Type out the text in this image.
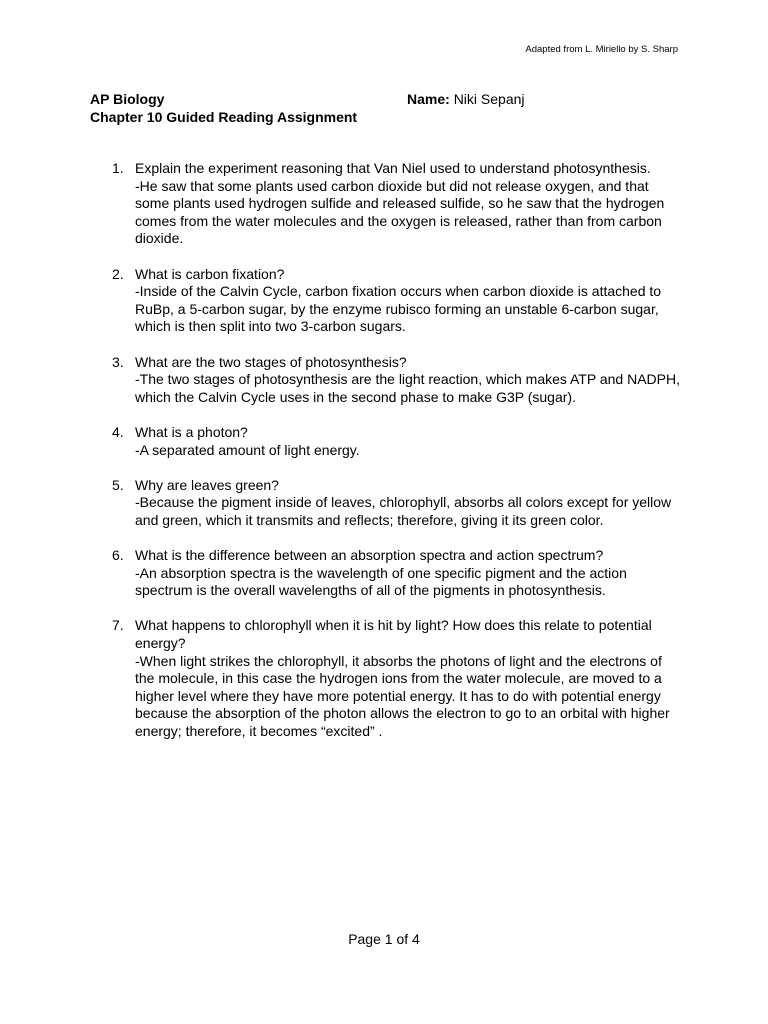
Adapted from L. Miriello by S. Sharp
AP Biology
Chapter 10 Guided Reading Assignment
Name: Niki Sepanj
1. Explain the experiment reasoning that Van Niel used to understand photosynthesis.
-He saw that some plants used carbon dioxide but did not release oxygen, and that some plants used hydrogen sulfide and released sulfide, so he saw that the hydrogen comes from the water molecules and the oxygen is released, rather than from carbon dioxide.
2. What is carbon fixation?
-Inside of the Calvin Cycle, carbon fixation occurs when carbon dioxide is attached to RuBp, a 5-carbon sugar, by the enzyme rubisco forming an unstable 6-carbon sugar, which is then split into two 3-carbon sugars.
3. What are the two stages of photosynthesis?
-The two stages of photosynthesis are the light reaction, which makes ATP and NADPH, which the Calvin Cycle uses in the second phase to make G3P (sugar).
4. What is a photon?
-A separated amount of light energy.
5. Why are leaves green?
-Because the pigment inside of leaves, chlorophyll, absorbs all colors except for yellow and green, which it transmits and reflects; therefore, giving it its green color.
6. What is the difference between an absorption spectra and action spectrum?
-An absorption spectra is the wavelength of one specific pigment and the action spectrum is the overall wavelengths of all of the pigments in photosynthesis.
7. What happens to chlorophyll when it is hit by light? How does this relate to potential energy?
-When light strikes the chlorophyll, it absorbs the photons of light and the electrons of the molecule, in this case the hydrogen ions from the water molecule, are moved to a higher level where they have more potential energy. It has to do with potential energy because the absorption of the photon allows the electron to go to an orbital with higher energy; therefore, it becomes “excited” .
Page 1 of 4
